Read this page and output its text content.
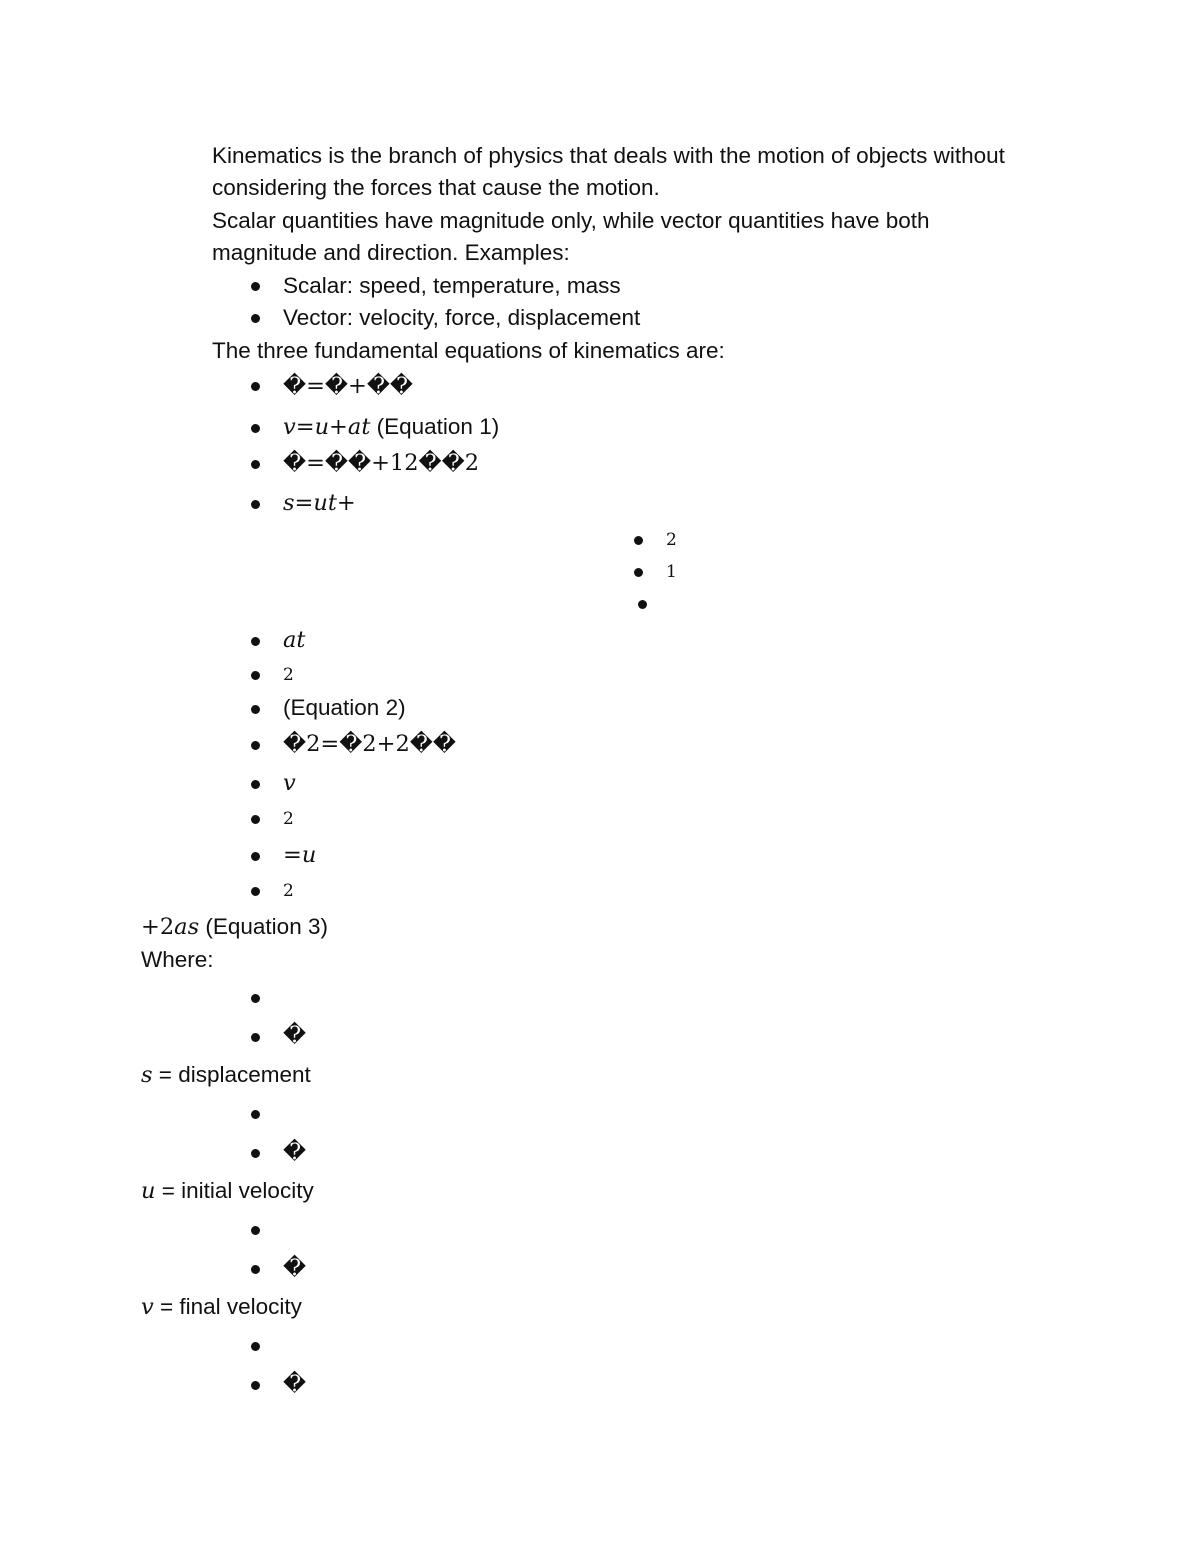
Kinematics is the branch of physics that deals with the motion of objects without
considering the forces that cause the motion.
Scalar quantities have magnitude only, while vector quantities have both
magnitude and direction. Examples:
Scalar: speed, temperature, mass
Vector: velocity, force, displacement
The three fundamental equations of kinematics are:
�=�+��
v=u+at (Equation 1)
�=��+12��2
s=ut+
2
1
at
2
(Equation 2)
�2=�2+2��
v
2
=u
2
+2as (Equation 3)
Where:
�
s = displacement
�
u = initial velocity
�
v = final velocity
�
